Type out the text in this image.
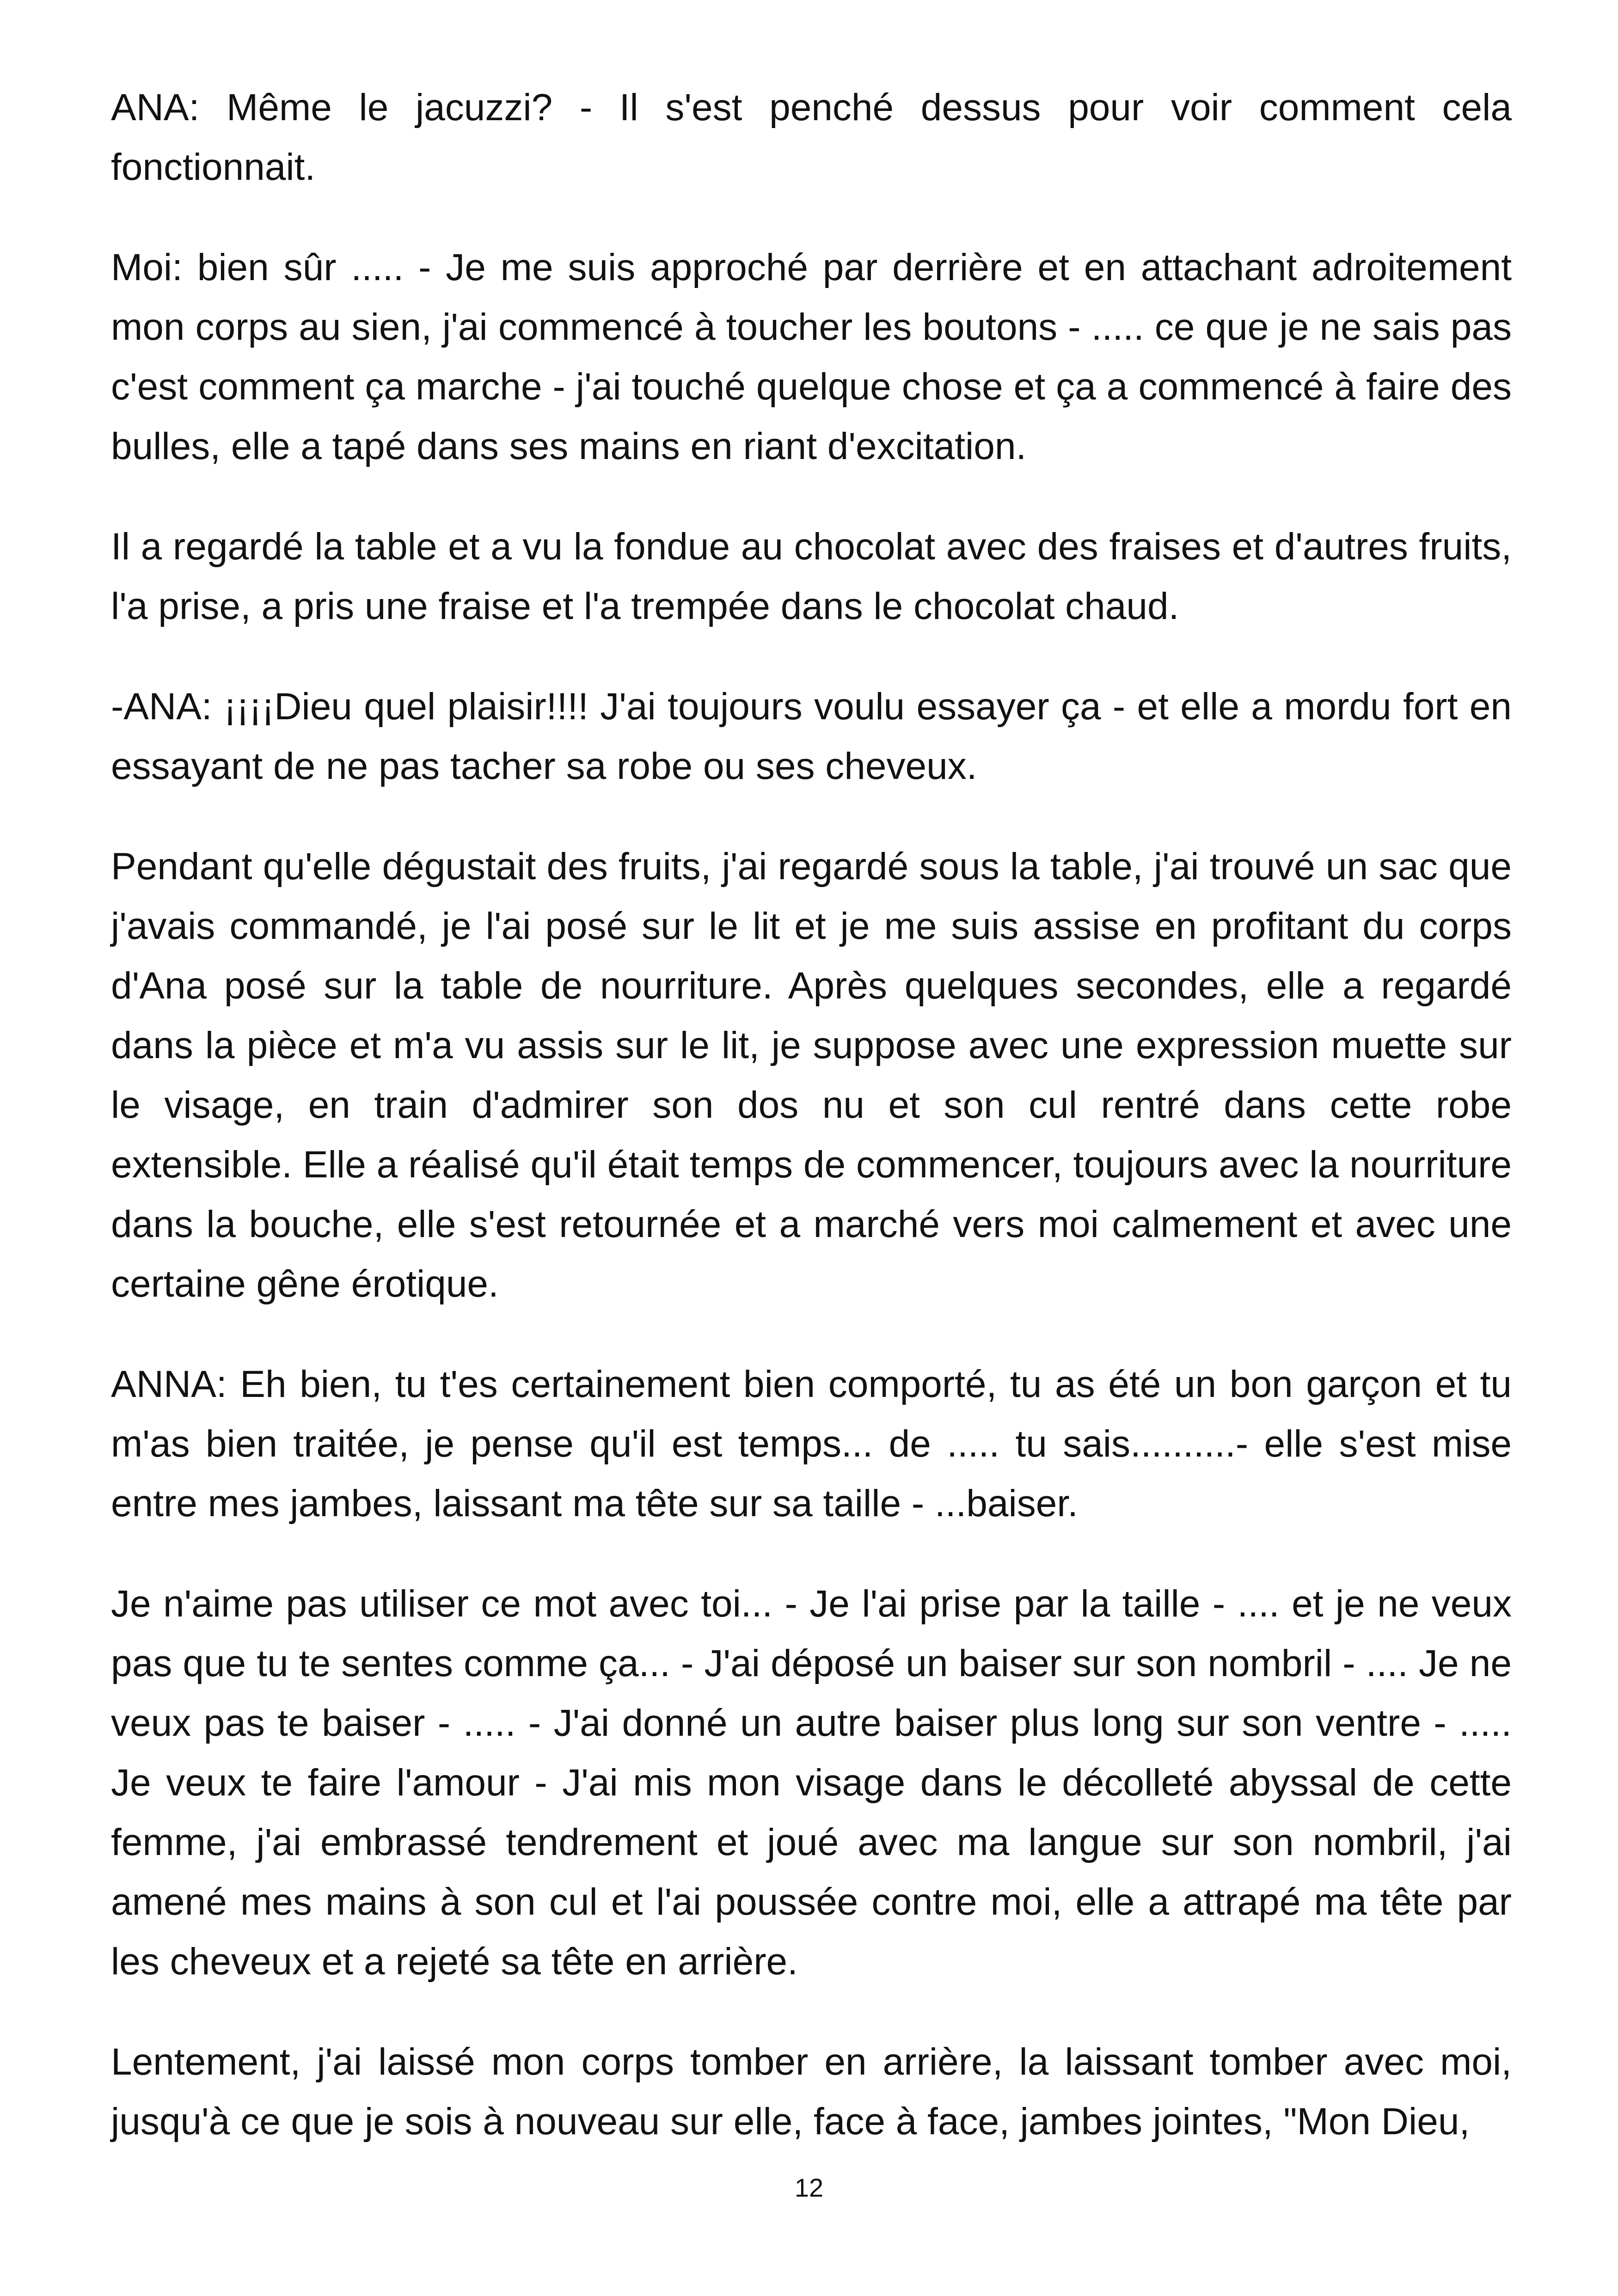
ANA: Même le jacuzzi? - Il s'est penché dessus pour voir comment cela fonctionnait.

Moi: bien sûr ..... - Je me suis approché par derrière et en attachant adroitement mon corps au sien, j'ai commencé à toucher les boutons - ..... ce que je ne sais pas c'est comment ça marche - j'ai touché quelque chose et ça a commencé à faire des bulles, elle a tapé dans ses mains en riant d'excitation.

Il a regardé la table et a vu la fondue au chocolat avec des fraises et d'autres fruits, l'a prise, a pris une fraise et l'a trempée dans le chocolat chaud.

-ANA: ¡¡¡¡Dieu quel plaisir!!!! J'ai toujours voulu essayer ça - et elle a mordu fort en essayant de ne pas tacher sa robe ou ses cheveux.

Pendant qu'elle dégustait des fruits, j'ai regardé sous la table, j'ai trouvé un sac que j'avais commandé, je l'ai posé sur le lit et je me suis assise en profitant du corps d'Ana posé sur la table de nourriture. Après quelques secondes, elle a regardé dans la pièce et m'a vu assis sur le lit, je suppose avec une expression muette sur le visage, en train d'admirer son dos nu et son cul rentré dans cette robe extensible. Elle a réalisé qu'il était temps de commencer, toujours avec la nourriture dans la bouche, elle s'est retournée et a marché vers moi calmement et avec une certaine gêne érotique.

ANNA: Eh bien, tu t'es certainement bien comporté, tu as été un bon garçon et tu m'as bien traitée, je pense qu'il est temps... de ..... tu sais..........- elle s'est mise entre mes jambes, laissant ma tête sur sa taille - ...baiser.

Je n'aime pas utiliser ce mot avec toi... - Je l'ai prise par la taille - .... et je ne veux pas que tu te sentes comme ça... - J'ai déposé un baiser sur son nombril - .... Je ne veux pas te baiser - ..... - J'ai donné un autre baiser plus long sur son ventre - ..... Je veux te faire l'amour - J'ai mis mon visage dans le décolleté abyssal de cette femme, j'ai embrassé tendrement et joué avec ma langue sur son nombril, j'ai amené mes mains à son cul et l'ai poussée contre moi, elle a attrapé ma tête par les cheveux et a rejeté sa tête en arrière.

Lentement, j'ai laissé mon corps tomber en arrière, la laissant tomber avec moi, jusqu'à ce que je sois à nouveau sur elle, face à face, jambes jointes, "Mon Dieu,

12
